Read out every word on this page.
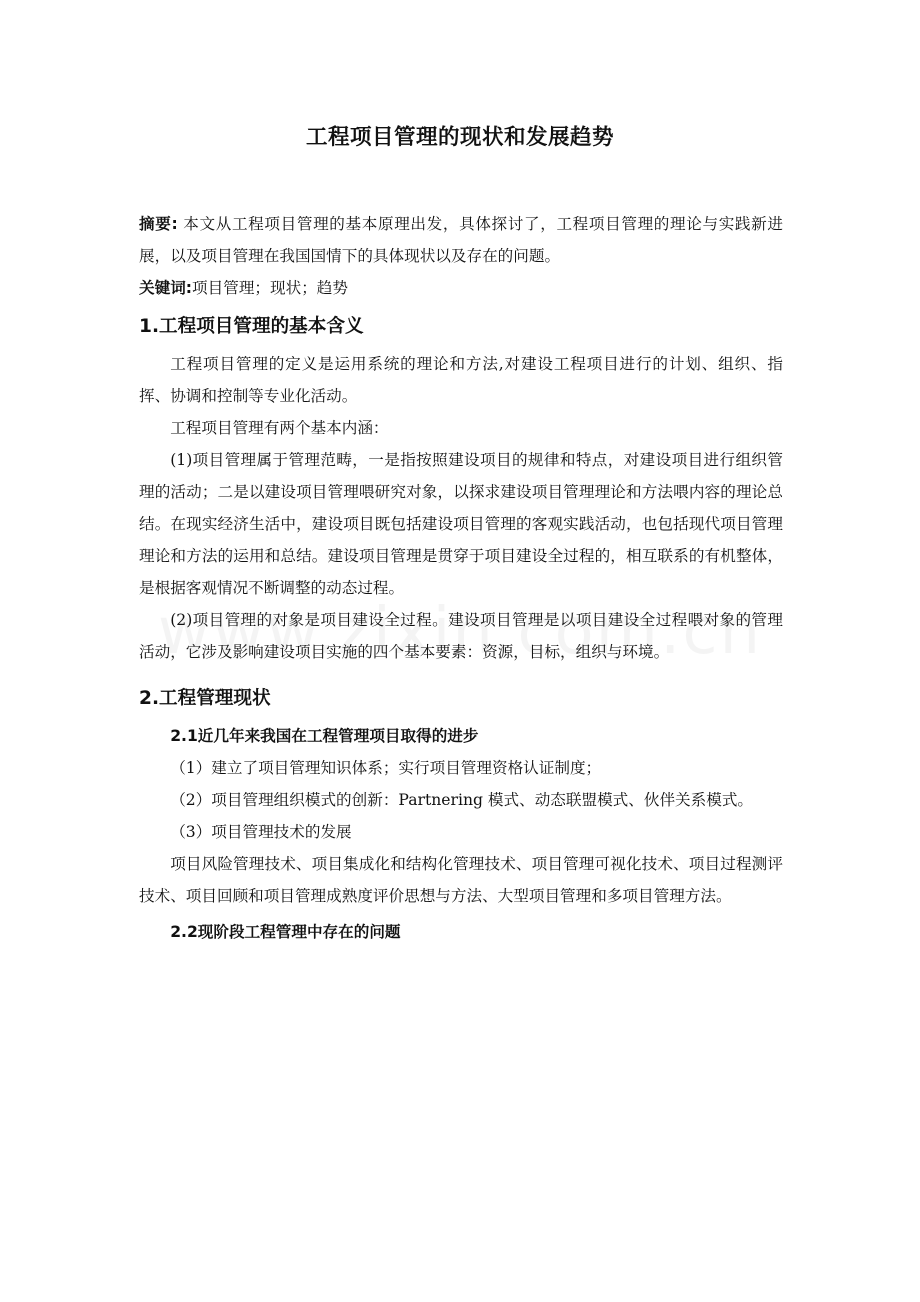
工程项目管理的现状和发展趋势

摘要: 本文从工程项目管理的基本原理出发，具体探讨了，工程项目管理的理论与实践新进展，以及项目管理在我国国情下的具体现状以及存在的问题。

关键词:项目管理；现状；趋势

1.工程项目管理的基本含义

工程项目管理的定义是运用系统的理论和方法,对建设工程项目进行的计划、组织、指挥、协调和控制等专业化活动。

工程项目管理有两个基本内涵：

(1)项目管理属于管理范畴，一是指按照建设项目的规律和特点，对建设项目进行组织管理的活动；二是以建设项目管理喂研究对象，以探求建设项目管理理论和方法喂内容的理论总结。在现实经济生活中，建设项目既包括建设项目管理的客观实践活动，也包括现代项目管理理论和方法的运用和总结。建设项目管理是贯穿于项目建设全过程的，相互联系的有机整体，是根据客观情况不断调整的动态过程。

(2)项目管理的对象是项目建设全过程。建设项目管理是以项目建设全过程喂对象的管理活动，它涉及影响建设项目实施的四个基本要素：资源，目标，组织与环境。

2.工程管理现状
2.1近几年来我国在工程管理项目取得的进步

（1）建立了项目管理知识体系；实行项目管理资格认证制度；

（2）项目管理组织模式的创新：Partnering 模式、动态联盟模式、伙伴关系模式。

（3）项目管理技术的发展

项目风险管理技术、项目集成化和结构化管理技术、项目管理可视化技术、项目过程测评技术、项目回顾和项目管理成熟度评价思想与方法、大型项目管理和多项目管理方法。

2.2现阶段工程管理中存在的问题
